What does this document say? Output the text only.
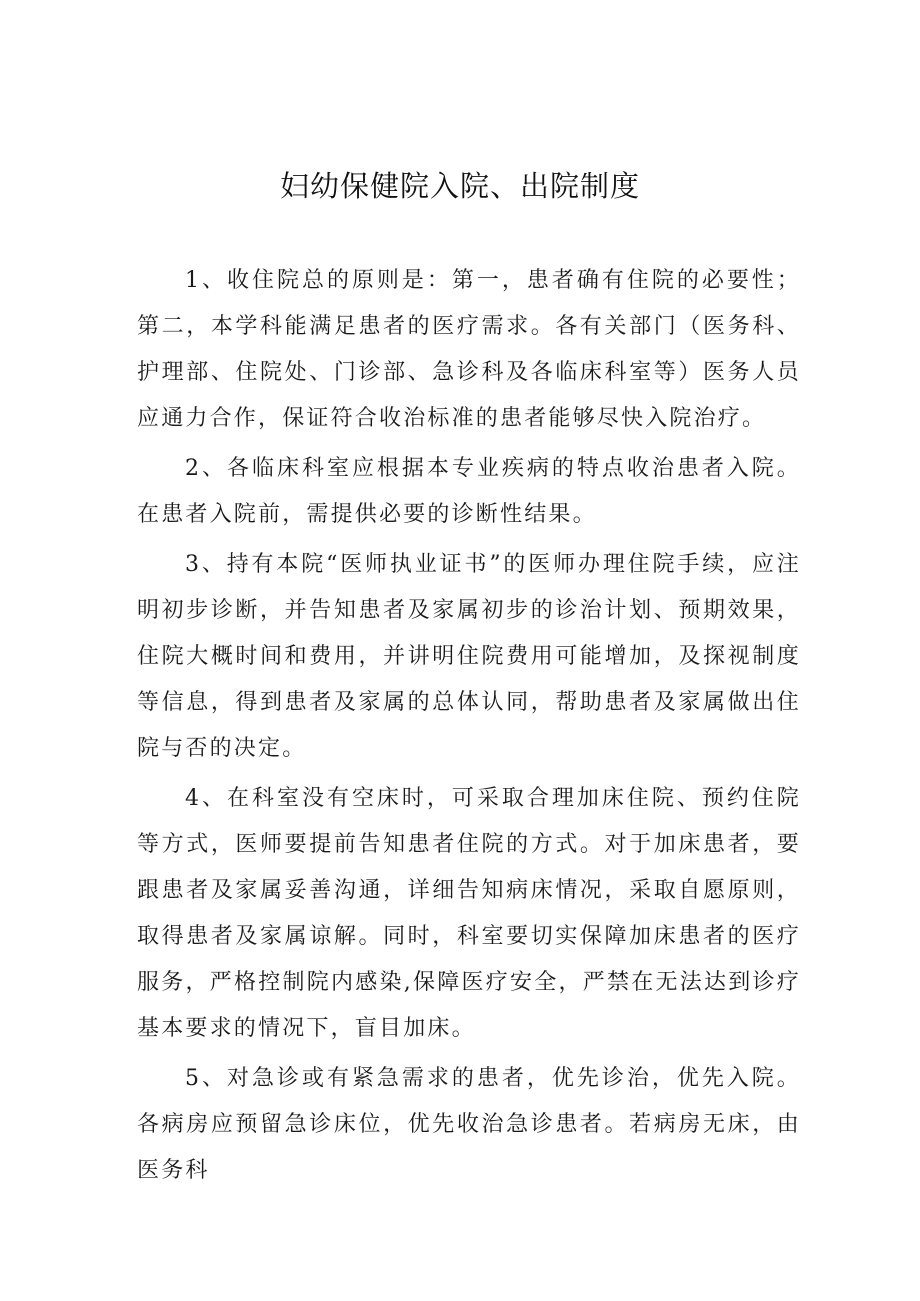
妇幼保健院入院、出院制度

1、收住院总的原则是：第一，患者确有住院的必要性；第二，本学科能满足患者的医疗需求。各有关部门（医务科、护理部、住院处、门诊部、急诊科及各临床科室等）医务人员应通力合作，保证符合收治标准的患者能够尽快入院治疗。

2、各临床科室应根据本专业疾病的特点收治患者入院。在患者入院前，需提供必要的诊断性结果。

3、持有本院“医师执业证书”的医师办理住院手续，应注明初步诊断，并告知患者及家属初步的诊治计划、预期效果，住院大概时间和费用，并讲明住院费用可能增加，及探视制度等信息，得到患者及家属的总体认同，帮助患者及家属做出住院与否的决定。

4、在科室没有空床时，可采取合理加床住院、预约住院等方式，医师要提前告知患者住院的方式。对于加床患者，要跟患者及家属妥善沟通，详细告知病床情况，采取自愿原则，取得患者及家属谅解。同时，科室要切实保障加床患者的医疗服务，严格控制院内感染,保障医疗安全，严禁在无法达到诊疗基本要求的情况下，盲目加床。

5、对急诊或有紧急需求的患者，优先诊治，优先入院。各病房应预留急诊床位，优先收治急诊患者。若病房无床，由医务科
